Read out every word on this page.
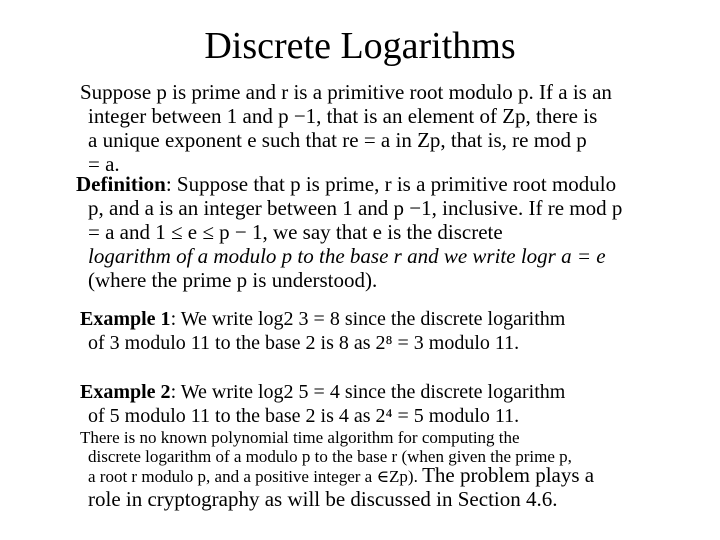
Discrete Logarithms
Suppose p is prime and r is a primitive root modulo p. If a is an
integer between 1 and p −1, that is an element of Zp, there is
a unique exponent e such that re = a in Zp, that is, re mod p
= a.
Definition: Suppose that p is prime, r is a primitive root modulo
p, and a is an integer between 1 and p −1, inclusive. If re mod p
= a and 1 ≤ e ≤ p − 1, we say that e is the discrete
logarithm of a modulo p to the base r and we write logr a = e
(where the prime p is understood).
Example 1: We write log2 3 = 8 since the discrete logarithm
of 3 modulo 11 to the base 2 is 8 as 2⁸ = 3 modulo 11.
Example 2: We write log2 5 = 4 since the discrete logarithm
of 5 modulo 11 to the base 2 is 4 as 2⁴ = 5 modulo 11.
There is no known polynomial time algorithm for computing the
discrete logarithm of a modulo p to the base r (when given the prime p,
a root r modulo p, and a positive integer a ∈Zp). The problem plays a
role in cryptography as will be discussed in Section 4.6.
